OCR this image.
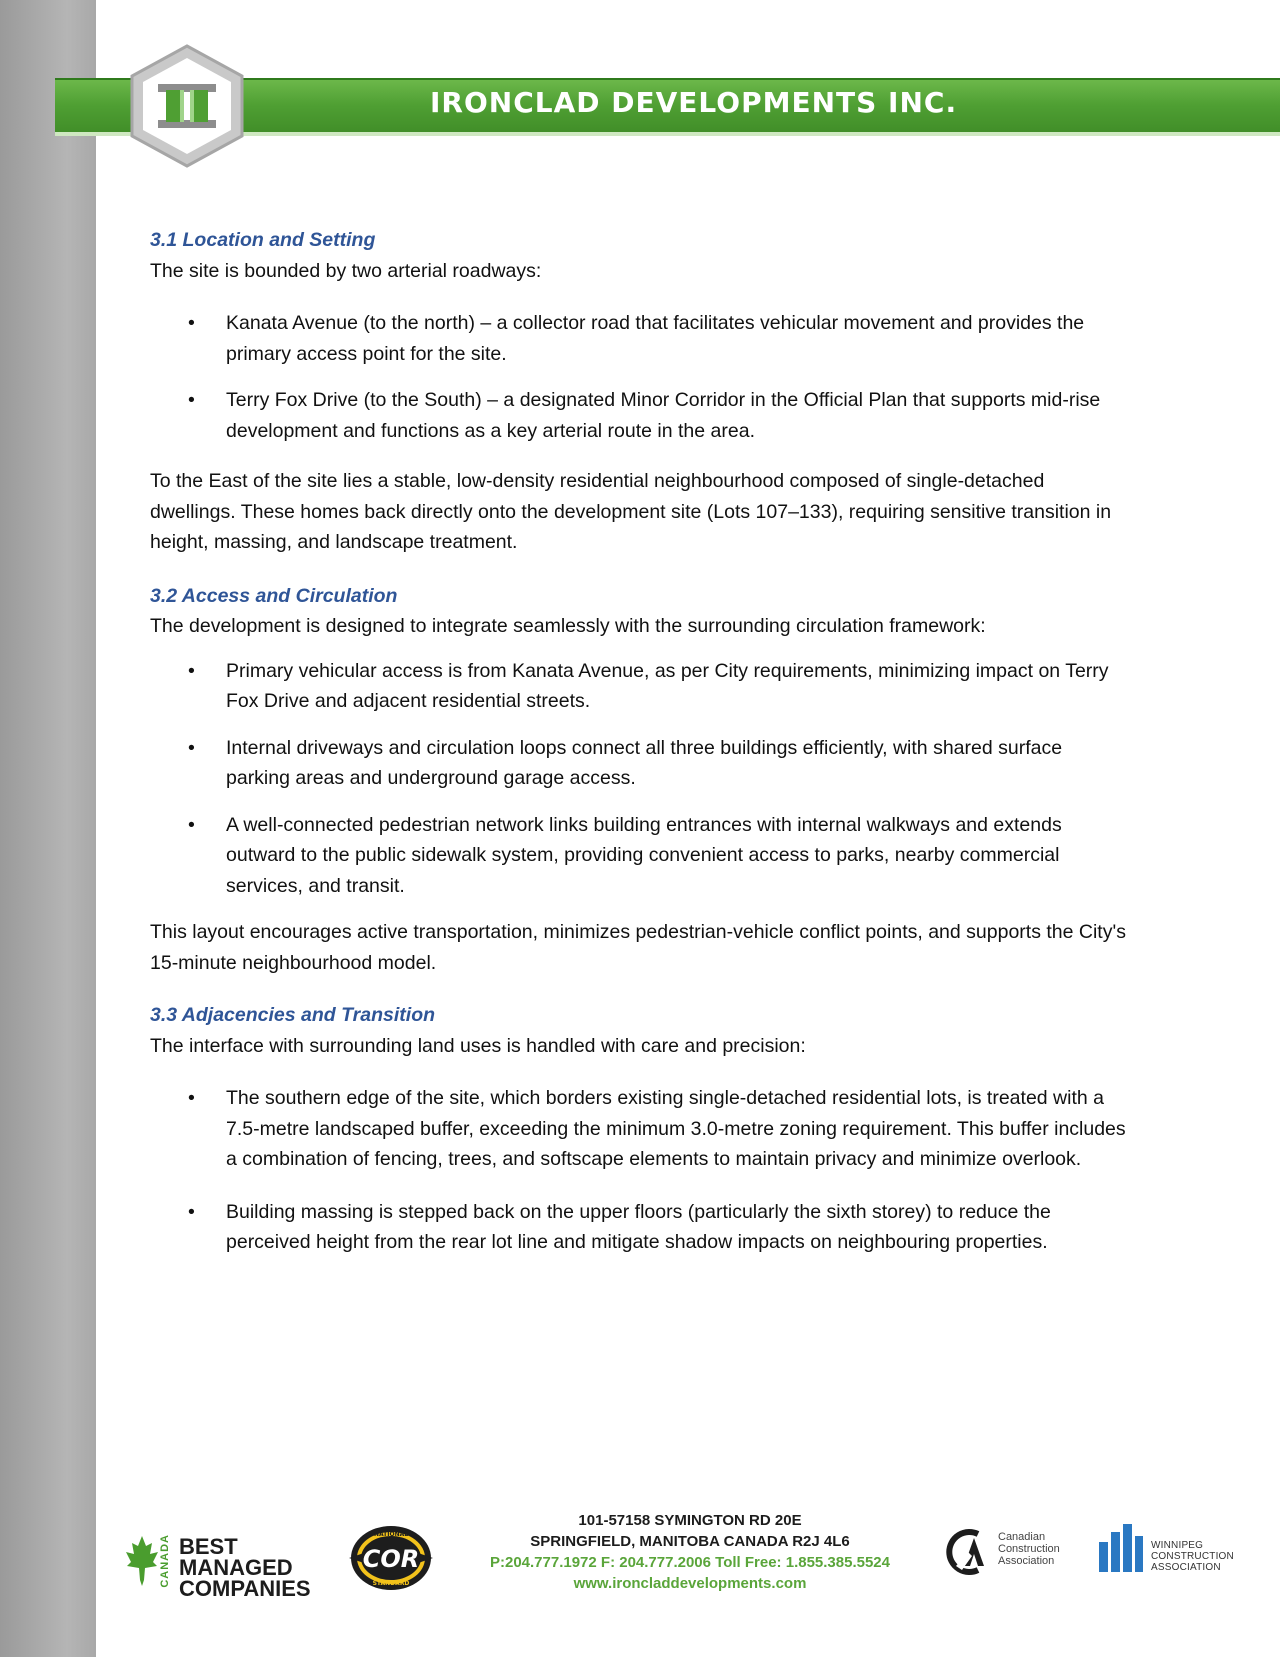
IRONCLAD DEVELOPMENTS INC.
3.1 Location and Setting

The site is bounded by two arterial roadways:

• Kanata Avenue (to the north) – a collector road that facilitates vehicular movement and provides the primary access point for the site.
• Terry Fox Drive (to the South) – a designated Minor Corridor in the Official Plan that supports mid-rise development and functions as a key arterial route in the area.

To the East of the site lies a stable, low-density residential neighbourhood composed of single-detached dwellings. These homes back directly onto the development site (Lots 107–133), requiring sensitive transition in height, massing, and landscape treatment.

3.2 Access and Circulation

The development is designed to integrate seamlessly with the surrounding circulation framework:

• Primary vehicular access is from Kanata Avenue, as per City requirements, minimizing impact on Terry Fox Drive and adjacent residential streets.
• Internal driveways and circulation loops connect all three buildings efficiently, with shared surface parking areas and underground garage access.
• A well-connected pedestrian network links building entrances with internal walkways and extends outward to the public sidewalk system, providing convenient access to parks, nearby commercial services, and transit.

This layout encourages active transportation, minimizes pedestrian-vehicle conflict points, and supports the City's 15-minute neighbourhood model.

3.3 Adjacencies and Transition

The interface with surrounding land uses is handled with care and precision:

• The southern edge of the site, which borders existing single-detached residential lots, is treated with a 7.5-metre landscaped buffer, exceeding the minimum 3.0-metre zoning requirement. This buffer includes a combination of fencing, trees, and softscape elements to maintain privacy and minimize overlook.
• Building massing is stepped back on the upper floors (particularly the sixth storey) to reduce the perceived height from the rear lot line and mitigate shadow impacts on neighbouring properties.
CANADA BEST
MANAGED
COMPANIES
COR
NATIONAL
STANDARD
101-57158 SYMINGTON RD 20E
SPRINGFIELD, MANITOBA CANADA R2J 4L6
P:204.777.1972 F: 204.777.2006 Toll Free: 1.855.385.5524
www.ironcladdevelopments.com
Canadian
Construction
Association
WINNIPEG
CONSTRUCTION
ASSOCIATION
